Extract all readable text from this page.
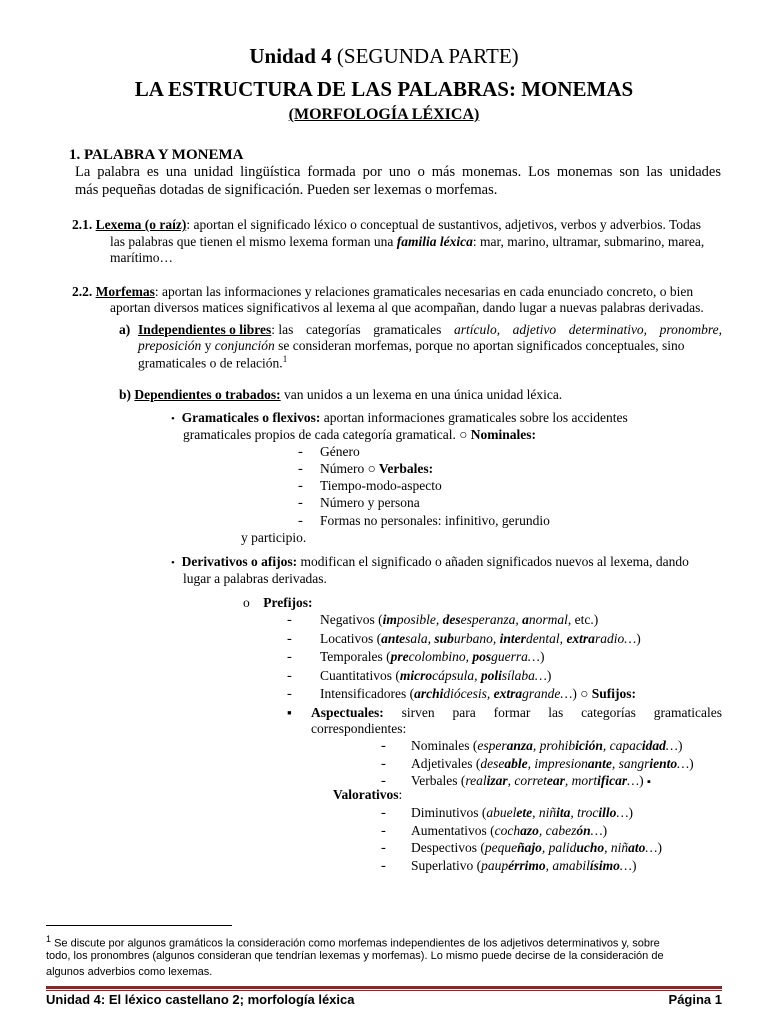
Unidad 4 (SEGUNDA PARTE)
LA ESTRUCTURA DE LAS PALABRAS: MONEMAS
(MORFOLOGÍA LÉXICA)
1. PALABRA Y MONEMA
La palabra es una unidad lingüística formada por uno o más monemas. Los monemas son las unidades
más pequeñas dotadas de significación. Pueden ser lexemas o morfemas.
2.1. Lexema (o raíz): aportan el significado léxico o conceptual de sustantivos, adjetivos, verbos y adverbios. Todas
las palabras que tienen el mismo lexema forman una familia léxica: mar, marino, ultramar, submarino, marea,
marítimo…
2.2. Morfemas: aportan las informaciones y relaciones gramaticales necesarias en cada enunciado concreto, o bien
aportan diversos matices significativos al lexema al que acompañan, dando lugar a nuevas palabras derivadas.
a) Independientes o libres: las categorías gramaticales artículo, adjetivo determinativo, pronombre,
preposición y conjunción se consideran morfemas, porque no aportan significados conceptuales, sino
gramaticales o de relación.$^1$
b) Dependientes o trabados: van unidos a un lexema en una única unidad léxica.
• Gramaticales o flexivos: aportan informaciones gramaticales sobre los accidentes
gramaticales propios de cada categoría gramatical. ○ Nominales:
- Género
- Número ○ Verbales:
- Tiempo-modo-aspecto
- Número y persona
- Formas no personales: infinitivo, gerundio
y participio.
• Derivativos o afijos: modifican el significado o añaden significados nuevos al lexema, dando
lugar a palabras derivadas.
o Prefijos:
- Negativos (imposible, desesperanza, anormal, etc.)
- Locativos (antesala, suburbano, interdental, extraradio…)
- Temporales (precolombino, posguerra…)
- Cuantitativos (microcápsula, polisílaba…)
- Intensificadores (archidiócesis, extragrande…) ○ Sufijos:
▪ Aspectuales: sirven para formar las categorías gramaticales
correspondientes:
- Nominales (esperanza, prohibición, capacidad…)
- Adjetivales (deseable, impresionante, sangriento…)
- Verbales (realizar, corretear, mortificar…) ▪
Valorativos:
- Diminutivos (abuelete, niñita, trocillo…)
- Aumentativos (cochazo, cabezón…)
- Despectivos (pequeñajo, paliducho, niñato…)
- Superlativo (paupérrimo, amabilísimo…)
$^1$ Se discute por algunos gramáticos la consideración como morfemas independientes de los adjetivos determinativos y, sobre
todo, los pronombres (algunos consideran que tendrían lexemas y morfemas). Lo mismo puede decirse de la consideración de
algunos adverbios como lexemas.
Unidad 4: El léxico castellano 2; morfología léxica	Página 1
